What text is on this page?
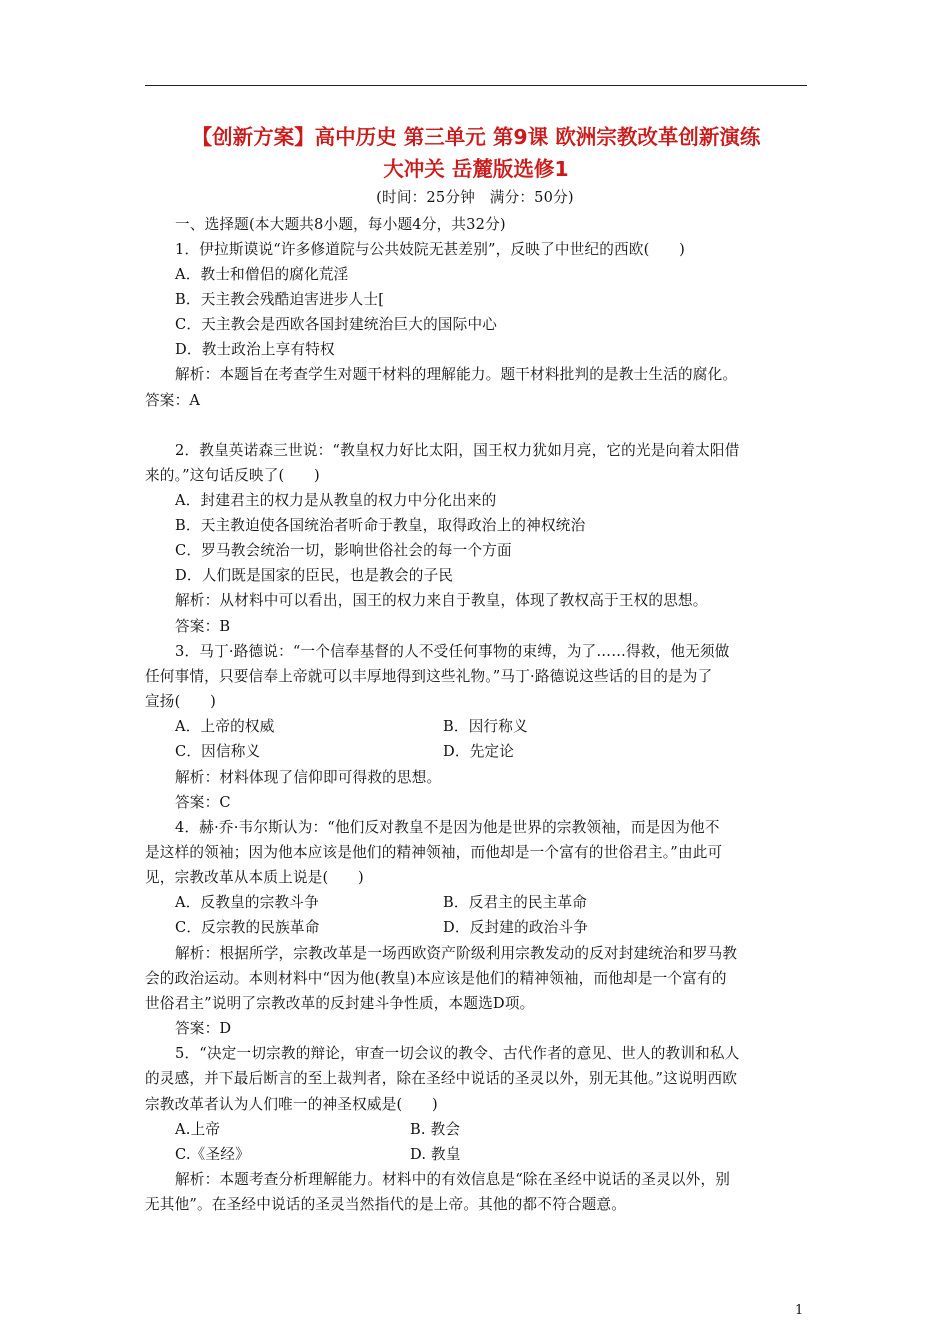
【创新方案】高中历史 第三单元 第9课 欧洲宗教改革创新演练
大冲关 岳麓版选修1
(时间：25分钟　满分：50分)
一、选择题(本大题共8小题，每小题4分，共32分)
1．伊拉斯谟说“许多修道院与公共妓院无甚差别”，反映了中世纪的西欧(　　)
A．教士和僧侣的腐化荒淫
B．天主教会残酷迫害进步人士[
C．天主教会是西欧各国封建统治巨大的国际中心
D．教士政治上享有特权
解析：本题旨在考查学生对题干材料的理解能力。题干材料批判的是教士生活的腐化。
答案：A
2．教皇英诺森三世说：“教皇权力好比太阳，国王权力犹如月亮，它的光是向着太阳借
来的。”这句话反映了(　　)
A．封建君主的权力是从教皇的权力中分化出来的
B．天主教迫使各国统治者听命于教皇，取得政治上的神权统治
C．罗马教会统治一切，影响世俗社会的每一个方面
D．人们既是国家的臣民，也是教会的子民
解析：从材料中可以看出，国王的权力来自于教皇，体现了教权高于王权的思想。
答案：B
3．马丁·路德说：“一个信奉基督的人不受任何事物的束缚，为了……得救，他无须做
任何事情，只要信奉上帝就可以丰厚地得到这些礼物。”马丁·路德说这些话的目的是为了
宣扬(　　)
A．上帝的权威	B．因行称义
C．因信称义	D．先定论
解析：材料体现了信仰即可得救的思想。
答案：C
4．赫·乔·韦尔斯认为：“他们反对教皇不是因为他是世界的宗教领袖，而是因为他不
是这样的领袖；因为他本应该是他们的精神领袖，而他却是一个富有的世俗君主。”由此可
见，宗教改革从本质上说是(　　)
A．反教皇的宗教斗争	B．反君主的民主革命
C．反宗教的民族革命	D．反封建的政治斗争
解析：根据所学，宗教改革是一场西欧资产阶级利用宗教发动的反对封建统治和罗马教
会的政治运动。本则材料中“因为他(教皇)本应该是他们的精神领袖，而他却是一个富有的
世俗君主”说明了宗教改革的反封建斗争性质，本题选D项。
答案：D
5．“决定一切宗教的辩论，审查一切会议的教令、古代作者的意见、世人的教训和私人
的灵感，并下最后断言的至上裁判者，除在圣经中说话的圣灵以外，别无其他。”这说明西欧
宗教改革者认为人们唯一的神圣权威是(　　)
A.上帝	B. 教会
C.《圣经》	D. 教皇
解析：本题考查分析理解能力。材料中的有效信息是“除在圣经中说话的圣灵以外，别
无其他”。在圣经中说话的圣灵当然指代的是上帝。其他的都不符合题意。
1
